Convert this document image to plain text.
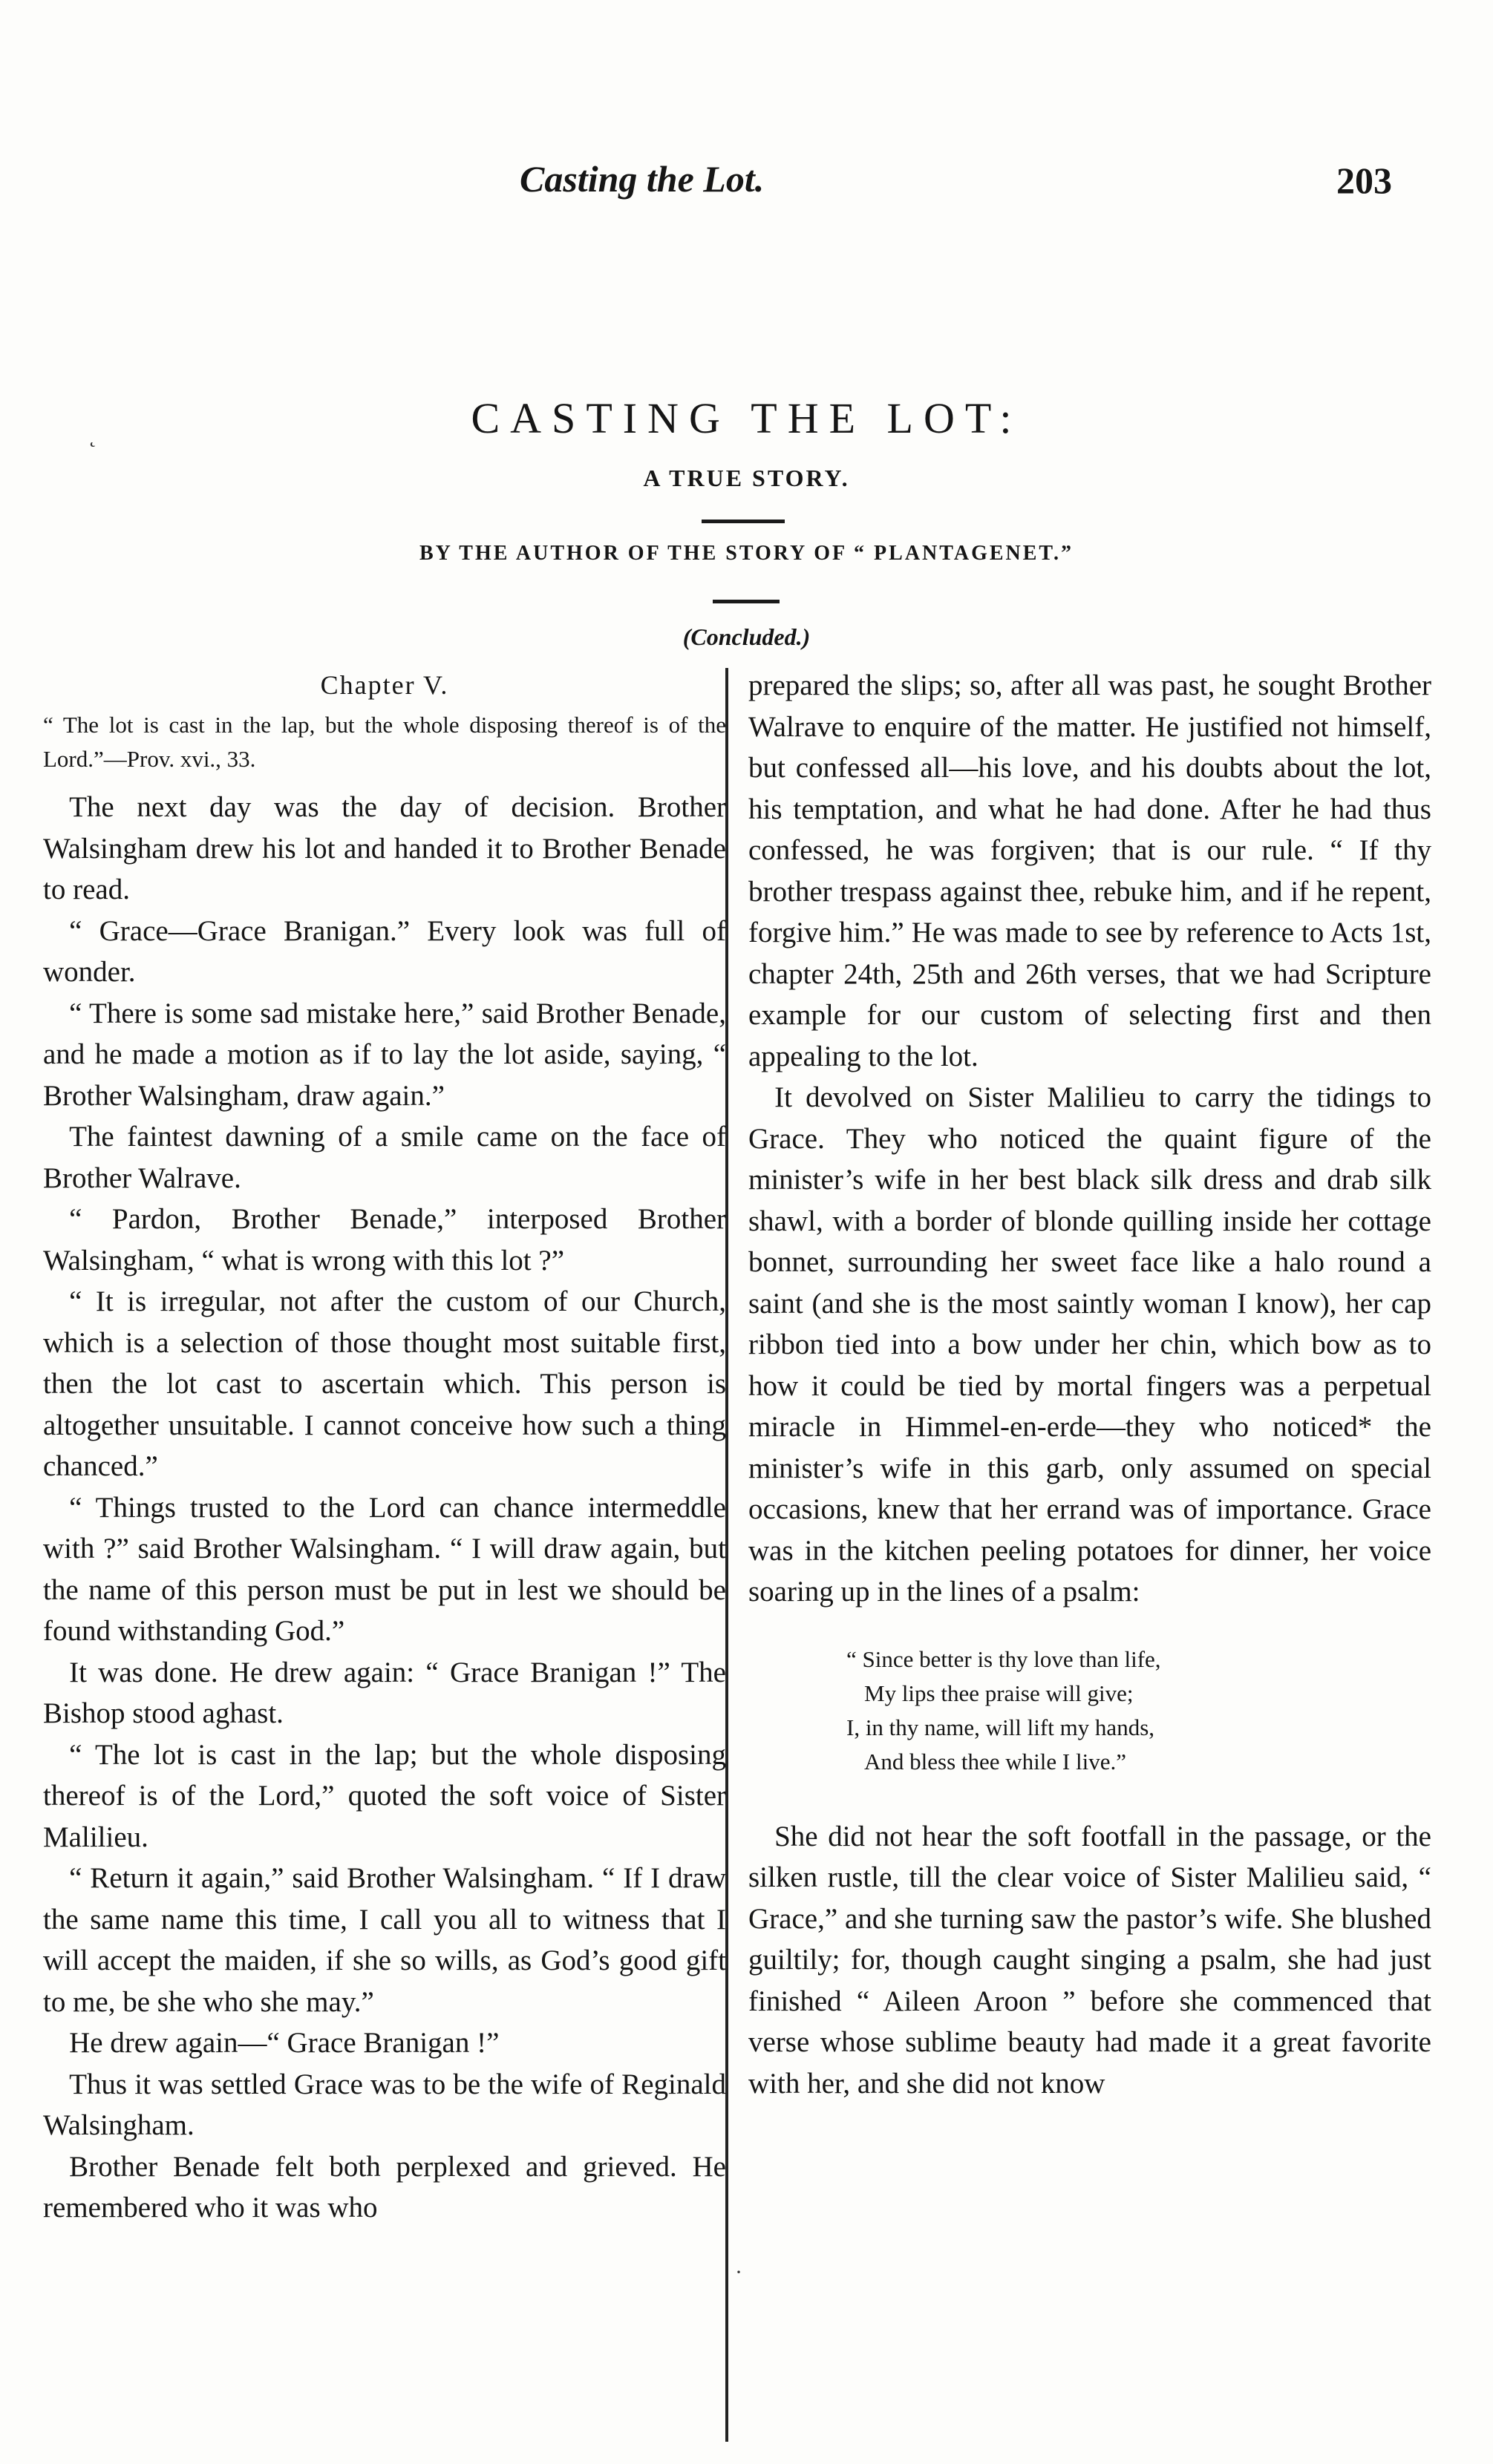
Casting the Lot.	203
CASTING THE LOT:
A TRUE STORY.
BY THE AUTHOR OF THE STORY OF “ PLANTAGENET.”
(Concluded.)
Chapter V.
“ The lot is cast in the lap, but the whole disposing thereof is of the Lord.”—Prov. xvi., 33.

The next day was the day of decision. Brother Walsingham drew his lot and handed it to Brother Benade to read.

“ Grace—Grace Branigan.” Every look was full of wonder.

“ There is some sad mistake here,” said Brother Benade, and he made a motion as if to lay the lot aside, saying, “ Brother Walsingham, draw again.”

The faintest dawning of a smile came on the face of Brother Walrave.

“ Pardon, Brother Benade,” interposed Brother Walsingham, “ what is wrong with this lot ?”

“ It is irregular, not after the custom of our Church, which is a selection of those thought most suitable first, then the lot cast to ascertain which. This person is altogether unsuitable. I cannot conceive how such a thing chanced.”

“ Things trusted to the Lord can chance intermeddle with ?” said Brother Walsingham. “ I will draw again, but the name of this person must be put in lest we should be found withstanding God.”

It was done. He drew again: “ Grace Branigan !” The Bishop stood aghast.

“ The lot is cast in the lap; but the whole disposing thereof is of the Lord,” quoted the soft voice of Sister Malilieu.

“ Return it again,” said Brother Walsingham. “ If I draw the same name this time, I call you all to witness that I will accept the maiden, if she so wills, as God’s good gift to me, be she who she may.”

He drew again—“ Grace Branigan !”

Thus it was settled Grace was to be the wife of Reginald Walsingham.

Brother Benade felt both perplexed and grieved. He remembered who it was who

prepared the slips; so, after all was past, he sought Brother Walrave to enquire of the matter. He justified not himself, but confessed all—his love, and his doubts about the lot, his temptation, and what he had done. After he had thus confessed, he was forgiven; that is our rule. “ If thy brother trespass against thee, rebuke him, and if he repent, forgive him.” He was made to see by reference to Acts 1st, chapter 24th, 25th and 26th verses, that we had Scripture example for our custom of selecting first and then appealing to the lot.

It devolved on Sister Malilieu to carry the tidings to Grace. They who noticed the quaint figure of the minister’s wife in her best black silk dress and drab silk shawl, with a border of blonde quilling inside her cottage bonnet, surrounding her sweet face like a halo round a saint (and she is the most saintly woman I know), her cap ribbon tied into a bow under her chin, which bow as to how it could be tied by mortal fingers was a perpetual miracle in Himmel-en-erde—they who noticed* the minister’s wife in this garb, only assumed on special occasions, knew that her errand was of importance. Grace was in the kitchen peeling potatoes for dinner, her voice soaring up in the lines of a psalm:

“ Since better is thy love than life,
My lips thee praise will give;
I, in thy name, will lift my hands,
And bless thee while I live.”

She did not hear the soft footfall in the passage, or the silken rustle, till the clear voice of Sister Malilieu said, “ Grace,” and she turning saw the pastor’s wife. She blushed guiltily; for, though caught singing a psalm, she had just finished “ Aileen Aroon ” before she commenced that verse whose sublime beauty had made it a great favorite with her, and she did not know

˛
·
